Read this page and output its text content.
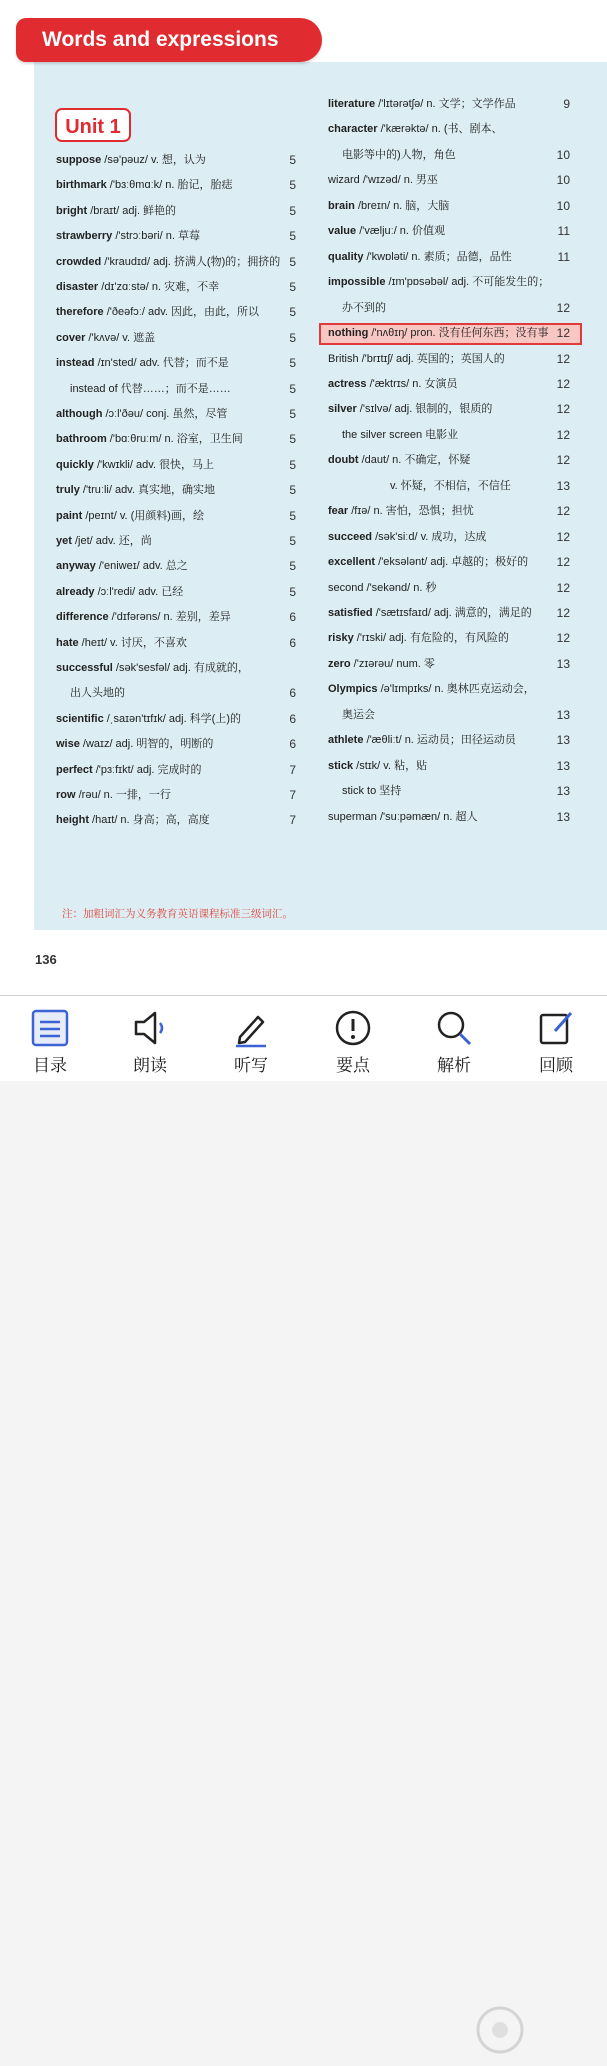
Words and expressions
Unit 1
suppose /sə'pəuz/ v. 想，认为	5
birthmark /'bɜːθmɑːk/ n. 胎记，胎痣	5
bright /braɪt/ adj. 鲜艳的	5
strawberry /'strɔːbəri/ n. 草莓	5
crowded /'kraudɪd/ adj. 挤满人(物)的；拥挤的 5
disaster /dɪ'zɑːstə/ n. 灾难，不幸	5
therefore /'ðeəfɔː/ adv. 因此，由此，所以	5
cover /'kʌvə/ v. 遮盖	5
instead /ɪn'sted/ adv. 代替；而不是	5
instead of 代替……；而不是……	5
although /ɔːl'ðəu/ conj. 虽然，尽管	5
bathroom /'bɑːθruːm/ n. 浴室，卫生间	5
quickly /'kwɪkli/ adv. 很快，马上	5
truly /'truːli/ adv. 真实地，确实地	5
paint /peɪnt/ v. (用颜料)画，绘	5
yet /jet/ adv. 还，尚	5
anyway /'eniweɪ/ adv. 总之	5
already /ɔːl'redi/ adv. 已经	5
difference /'dɪfərəns/ n. 差别，差异	6
hate /heɪt/ v. 讨厌，不喜欢	6
successful /sək'sesfəl/ adj. 有成就的，
出人头地的	6
scientific /ˌsaɪən'tɪfɪk/ adj. 科学(上)的	6
wise /waɪz/ adj. 明智的，明断的	6
perfect /'pɜːfɪkt/ adj. 完成时的	7
row /rəu/ n. 一排，一行	7
height /haɪt/ n. 身高；高，高度	7
literature /'lɪtərətʃə/ n. 文学；文学作品	9
character /'kærəktə/ n. (书、剧本、
电影等中的)人物，角色	10
wizard /'wɪzəd/ n. 男巫	10
brain /breɪn/ n. 脑，大脑	10
value /'vælјuː/ n. 价值观	11
quality /'kwɒləti/ n. 素质；品德，品性	11
impossible /ɪm'pɒsəbəl/ adj. 不可能发生的；
办不到的	12
nothing /'nʌθɪŋ/ pron. 没有任何东西；没有事 12
British /'brɪtɪʃ/ adj. 英国的；英国人的	12
actress /'æktrɪs/ n. 女演员	12
silver /'sɪlvə/ adj. 银制的，银质的	12
the silver screen 电影业	12
doubt /daut/ n. 不确定，怀疑	12
v. 怀疑，不相信，不信任	13
fear /fɪə/ n. 害怕，恐惧；担忧	12
succeed /sək'siːd/ v. 成功，达成	12
excellent /'eksələnt/ adj. 卓越的；极好的	12
second /'sekənd/ n. 秒	12
satisfied /'sætɪsfaɪd/ adj. 满意的，满足的	12
risky /'rɪski/ adj. 有危险的，有风险的	12
zero /'zɪərəu/ num. 零	13
Olympics /ə'lɪmpɪks/ n. 奥林匹克运动会，
奥运会	13
athlete /'æθliːt/ n. 运动员；田径运动员	13
stick /stɪk/ v. 粘，贴	13
stick to 坚持	13
superman /'suːpəmæn/ n. 超人	13
注：加粗词汇为义务教育英语课程标准三级词汇。
136
目录	朗读	听写	要点	解析	回顾
